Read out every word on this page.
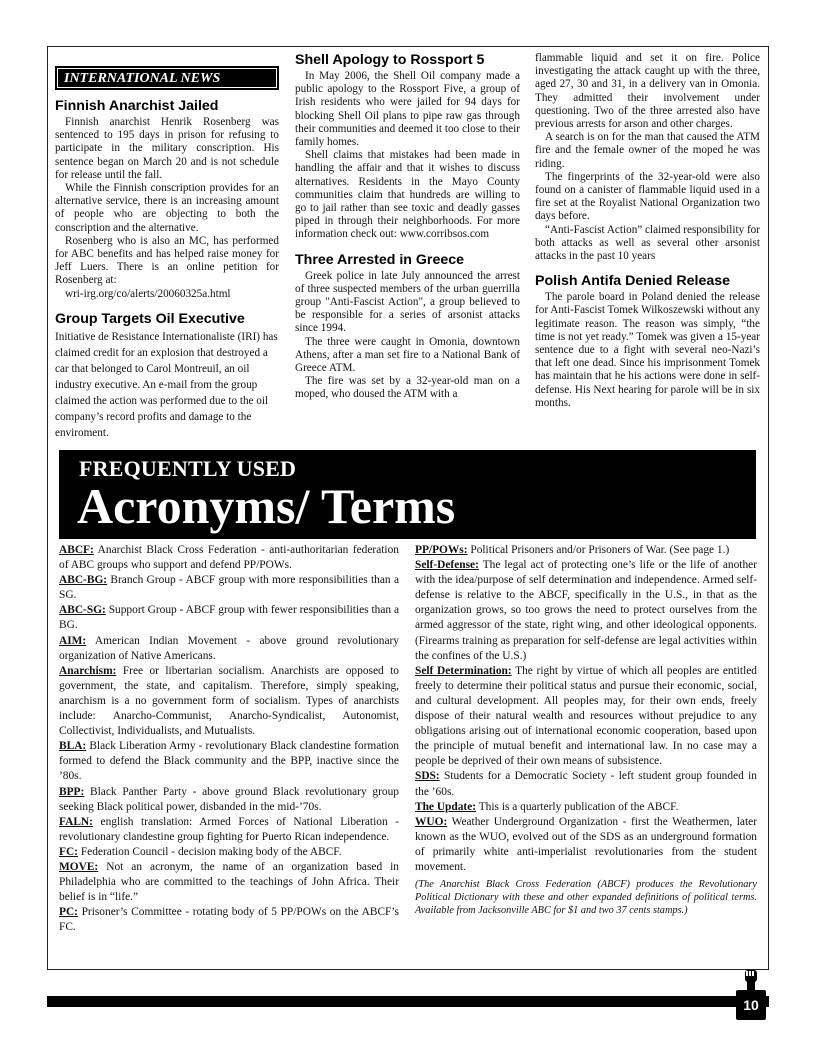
INTERNATIONAL NEWS
Finnish Anarchist Jailed

Finnish anarchist Henrik Rosenberg was sentenced to 195 days in prison for refusing to participate in the military conscription. His sentence began on March 20 and is not schedule for release until the fall.

While the Finnish conscription provides for an alternative service, there is an increasing amount of people who are objecting to both the conscription and the alternative.

Rosenberg who is also an MC, has performed for ABC benefits and has helped raise money for Jeff Luers. There is an online petition for Rosenberg at:

wri-irg.org/co/alerts/20060325a.html

Group Targets Oil Executive

Initiative de Resistance Internationaliste (IRI) has claimed credit for an explosion that destroyed a car that belonged to Carol Montreuil, an oil industry executive. An e-mail from the group claimed the action was performed due to the oil company’s record profits and damage to the enviroment.

Shell Apology to Rossport 5

In May 2006, the Shell Oil company made a public apology to the Rossport Five, a group of Irish residents who were jailed for 94 days for blocking Shell Oil plans to pipe raw gas through their communities and deemed it too close to their family homes.

Shell claims that mistakes had been made in handling the affair and that it wishes to discuss alternatives. Residents in the Mayo County communities claim that hundreds are willing to go to jail rather than see toxic and deadly gasses piped in through their neighborhoods. For more information check out: www.corribsos.com

Three Arrested in Greece

Greek police in late July announced the arrest of three suspected members of the urban guerrilla group "Anti-Fascist Action", a group believed to be responsible for a series of arsonist attacks since 1994.

The three were caught in Omonia, downtown Athens, after a man set fire to a National Bank of Greece ATM.

The fire was set by a 32-year-old man on a moped, who doused the ATM with a

flammable liquid and set it on fire. Police investigating the attack caught up with the three, aged 27, 30 and 31, in a delivery van in Omonia. They admitted their involvement under questioning. Two of the three arrested also have previous arrests for arson and other charges.

A search is on for the man that caused the ATM fire and the female owner of the moped he was riding.

The fingerprints of the 32-year-old were also found on a canister of flammable liquid used in a fire set at the Royalist National Organization two days before.

“Anti-Fascist Action” claimed responsibility for both attacks as well as several other arsonist attacks in the past 10 years

Polish Antifa Denied Release

The parole board in Poland denied the release for Anti-Fascist Tomek Wilkoszewski without any legitimate reason. The reason was simply, “the time is not yet ready.” Tomek was given a 15-year sentence due to a fight with several neo-Nazi’s that left one dead. Since his imprisonment Tomek has maintain that he his actions were done in self-defense. His Next hearing for parole will be in six months.

FREQUENTLY USED
Acronyms/ Terms

ABCF: Anarchist Black Cross Federation - anti-authoritarian federation of ABC groups who support and defend PP/POWs.

ABC-BG: Branch Group - ABCF group with more responsibilities than a SG.

ABC-SG: Support Group - ABCF group with fewer responsibilities than a BG.

AIM: American Indian Movement - above ground revolutionary organization of Native Americans.

Anarchism: Free or libertarian socialism. Anarchists are opposed to government, the state, and capitalism. Therefore, simply speaking, anarchism is a no government form of socialism. Types of anarchists include: Anarcho-Communist, Anarcho-Syndicalist, Autonomist, Collectivist, Individualists, and Mutualists.

BLA: Black Liberation Army - revolutionary Black clandestine formation formed to defend the Black community and the BPP, inactive since the ’80s.

BPP: Black Panther Party - above ground Black revolutionary group seeking Black political power, disbanded in the mid-’70s.

FALN: english translation: Armed Forces of National Liberation - revolutionary clandestine group fighting for Puerto Rican independence.

FC: Federation Council - decision making body of the ABCF.

MOVE: Not an acronym, the name of an organization based in Philadelphia who are committed to the teachings of John Africa. Their belief is in “life.”

PC: Prisoner’s Committee - rotating body of 5 PP/POWs on the ABCF’s FC.

PP/POWs: Political Prisoners and/or Prisoners of War. (See page 1.)

Self-Defense: The legal act of protecting one’s life or the life of another with the idea/purpose of self determination and independence. Armed self-defense is relative to the ABCF, specifically in the U.S., in that as the organization grows, so too grows the need to protect ourselves from the armed aggressor of the state, right wing, and other ideological opponents. (Firearms training as preparation for self-defense are legal activities within the confines of the U.S.)

Self Determination: The right by virtue of which all peoples are entitled freely to determine their political status and pursue their economic, social, and cultural development. All peoples may, for their own ends, freely dispose of their natural wealth and resources without prejudice to any obligations arising out of international economic cooperation, based upon the principle of mutual benefit and international law. In no case may a people be deprived of their own means of subsistence.

SDS: Students for a Democratic Society - left student group founded in the ’60s.

The Update: This is a quarterly publication of the ABCF.

WUO: Weather Underground Organization - first the Weathermen, later known as the WUO, evolved out of the SDS as an underground formation of primarily white anti-imperialist revolutionaries from the student movement.

(The Anarchist Black Cross Federation (ABCF) produces the Revolutionary Political Dictionary with these and other expanded definitions of political terms. Available from Jacksonville ABC for $1 and two 37 cents stamps.)

10
